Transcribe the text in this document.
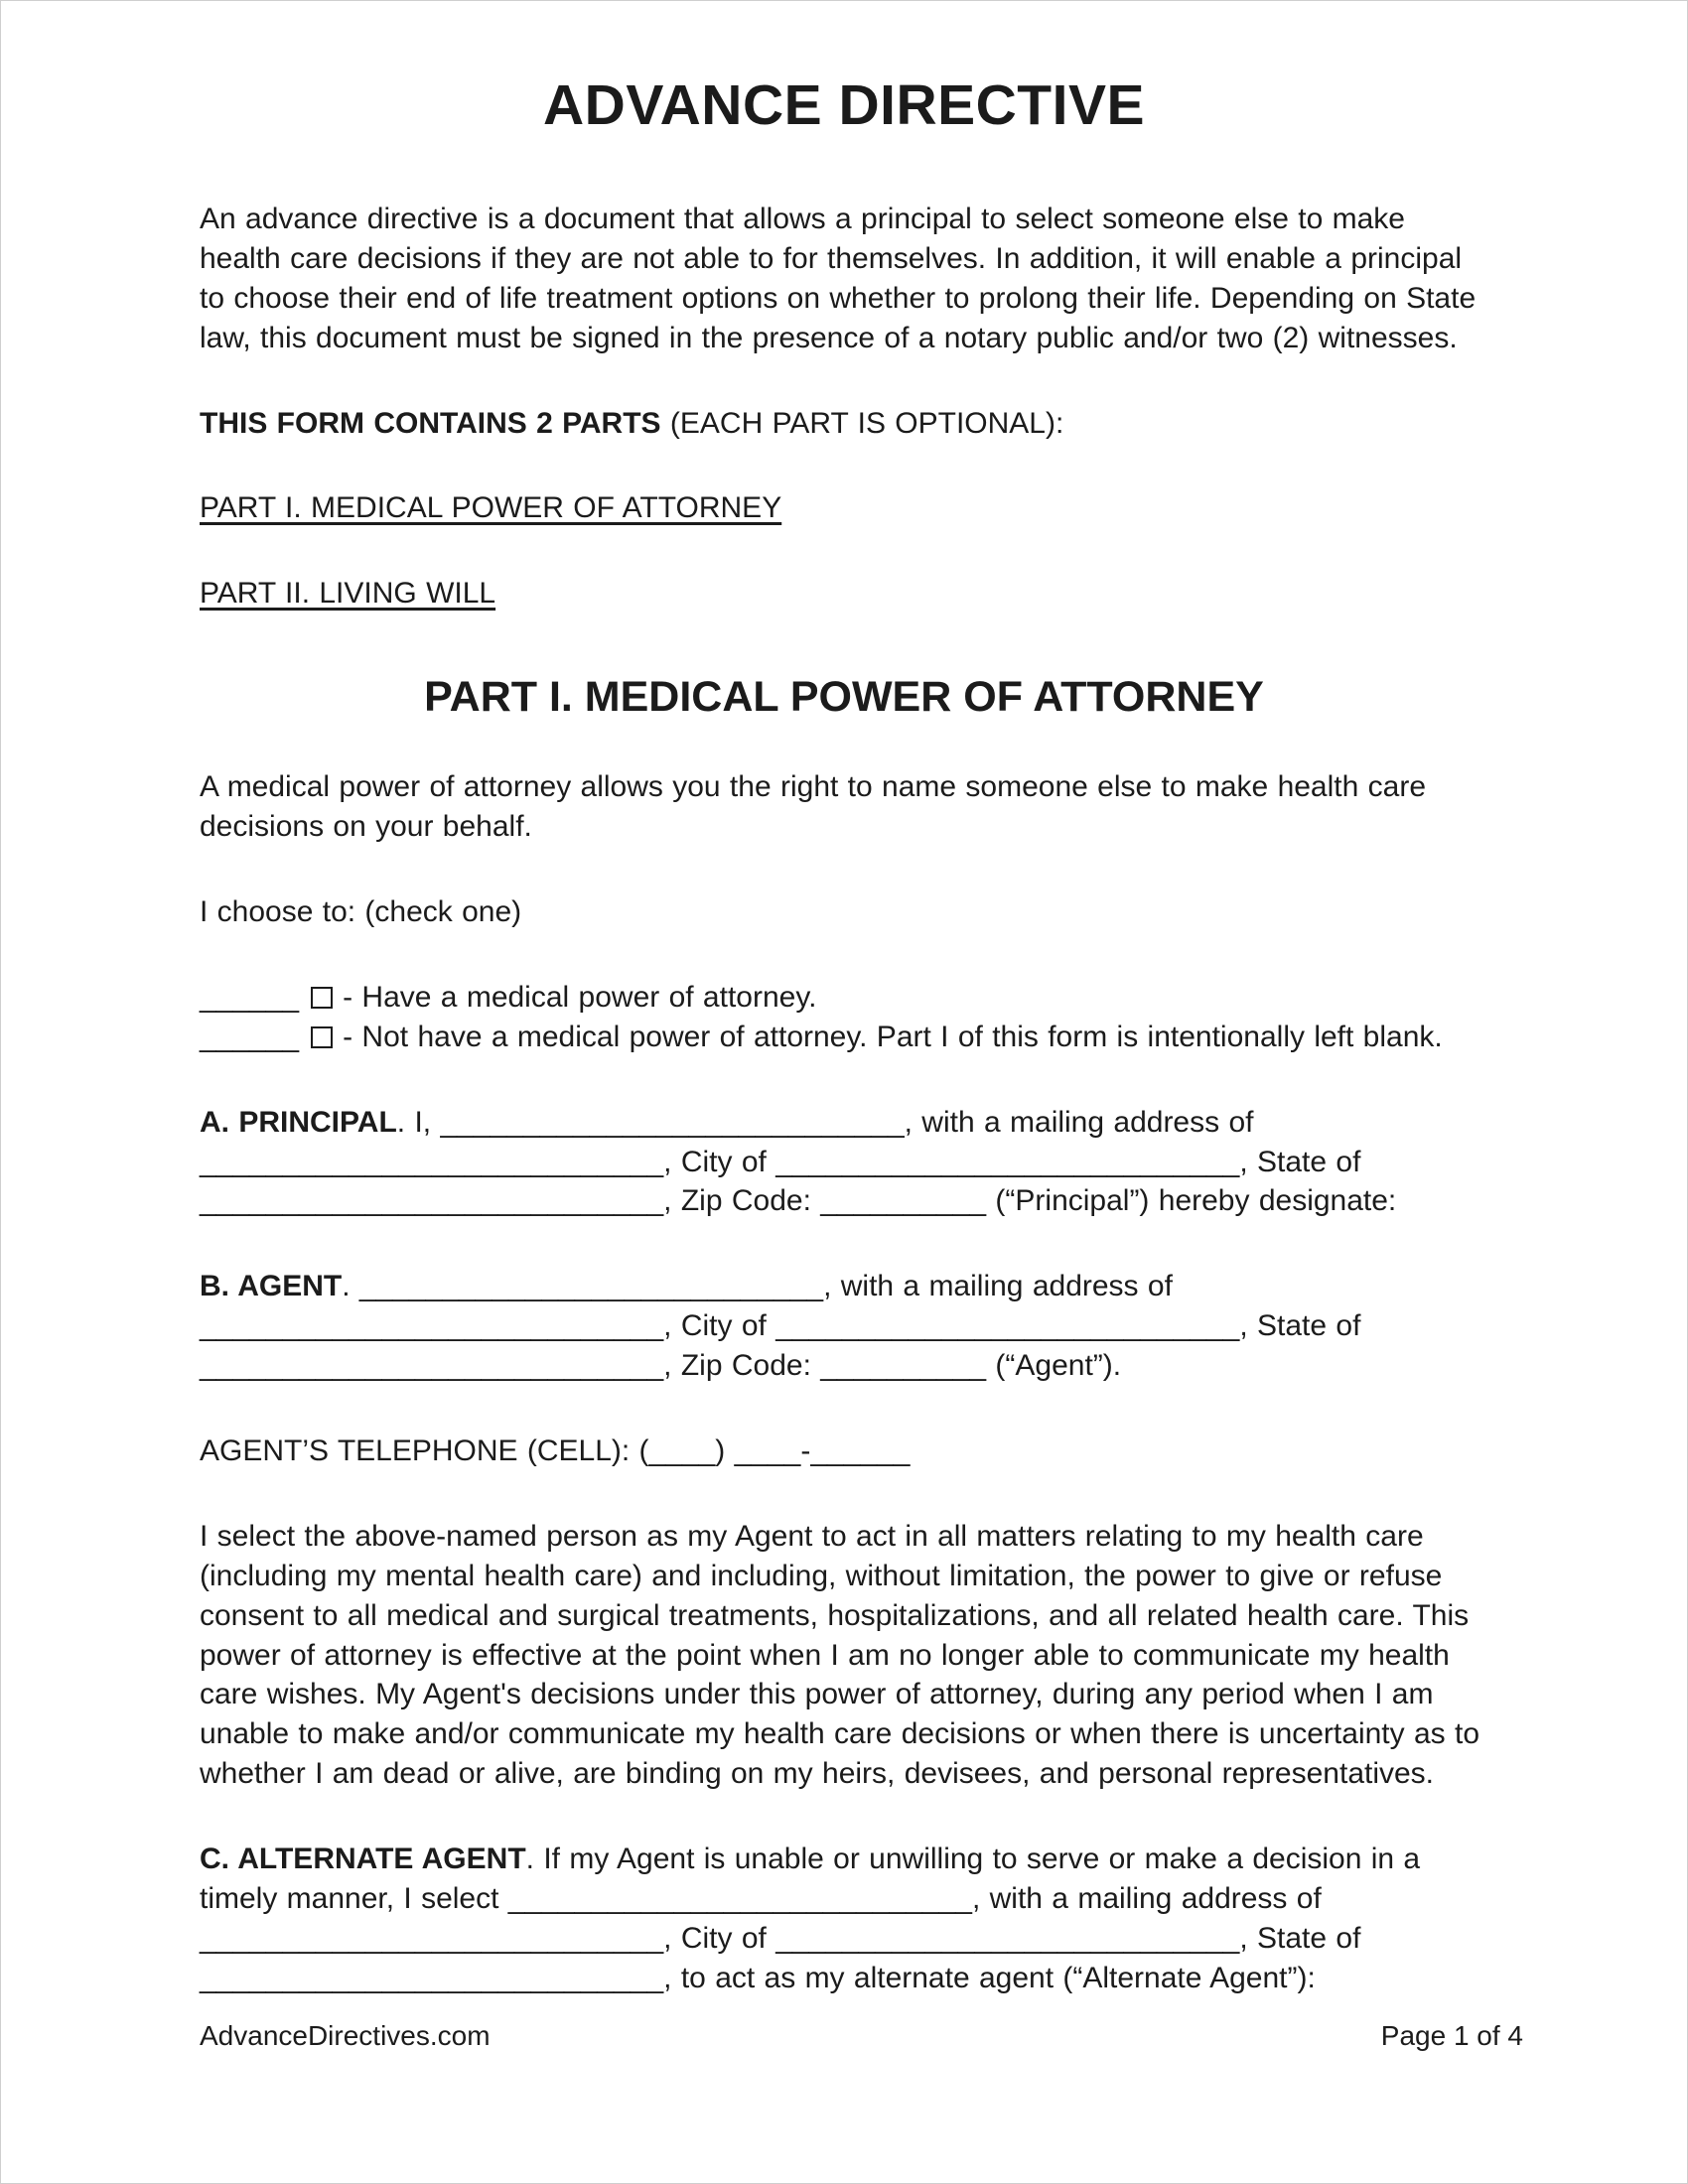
ADVANCE DIRECTIVE

An advance directive is a document that allows a principal to select someone else to make health care decisions if they are not able to for themselves. In addition, it will enable a principal to choose their end of life treatment options on whether to prolong their life. Depending on State law, this document must be signed in the presence of a notary public and/or two (2) witnesses.

THIS FORM CONTAINS 2 PARTS (EACH PART IS OPTIONAL):

PART I. MEDICAL POWER OF ATTORNEY

PART II. LIVING WILL

PART I. MEDICAL POWER OF ATTORNEY

A medical power of attorney allows you the right to name someone else to make health care decisions on your behalf.

I choose to: (check one)

______ - Have a medical power of attorney.

______ - Not have a medical power of attorney. Part I of this form is intentionally left blank.

A. PRINCIPAL. I, ____________________________, with a mailing address of ____________________________, City of ____________________________, State of ____________________________, Zip Code: __________ (“Principal”) hereby designate:

B. AGENT. ____________________________, with a mailing address of ____________________________, City of ____________________________, State of ____________________________, Zip Code: __________ (“Agent”).

AGENT’S TELEPHONE (CELL): (____) ____-______

I select the above-named person as my Agent to act in all matters relating to my health care (including my mental health care) and including, without limitation, the power to give or refuse consent to all medical and surgical treatments, hospitalizations, and all related health care. This power of attorney is effective at the point when I am no longer able to communicate my health care wishes. My Agent's decisions under this power of attorney, during any period when I am unable to make and/or communicate my health care decisions or when there is uncertainty as to whether I am dead or alive, are binding on my heirs, devisees, and personal representatives.

C. ALTERNATE AGENT. If my Agent is unable or unwilling to serve or make a decision in a timely manner, I select ____________________________, with a mailing address of ____________________________, City of ____________________________, State of ____________________________, to act as my alternate agent (“Alternate Agent”):

AdvanceDirectives.com	Page 1 of 4
